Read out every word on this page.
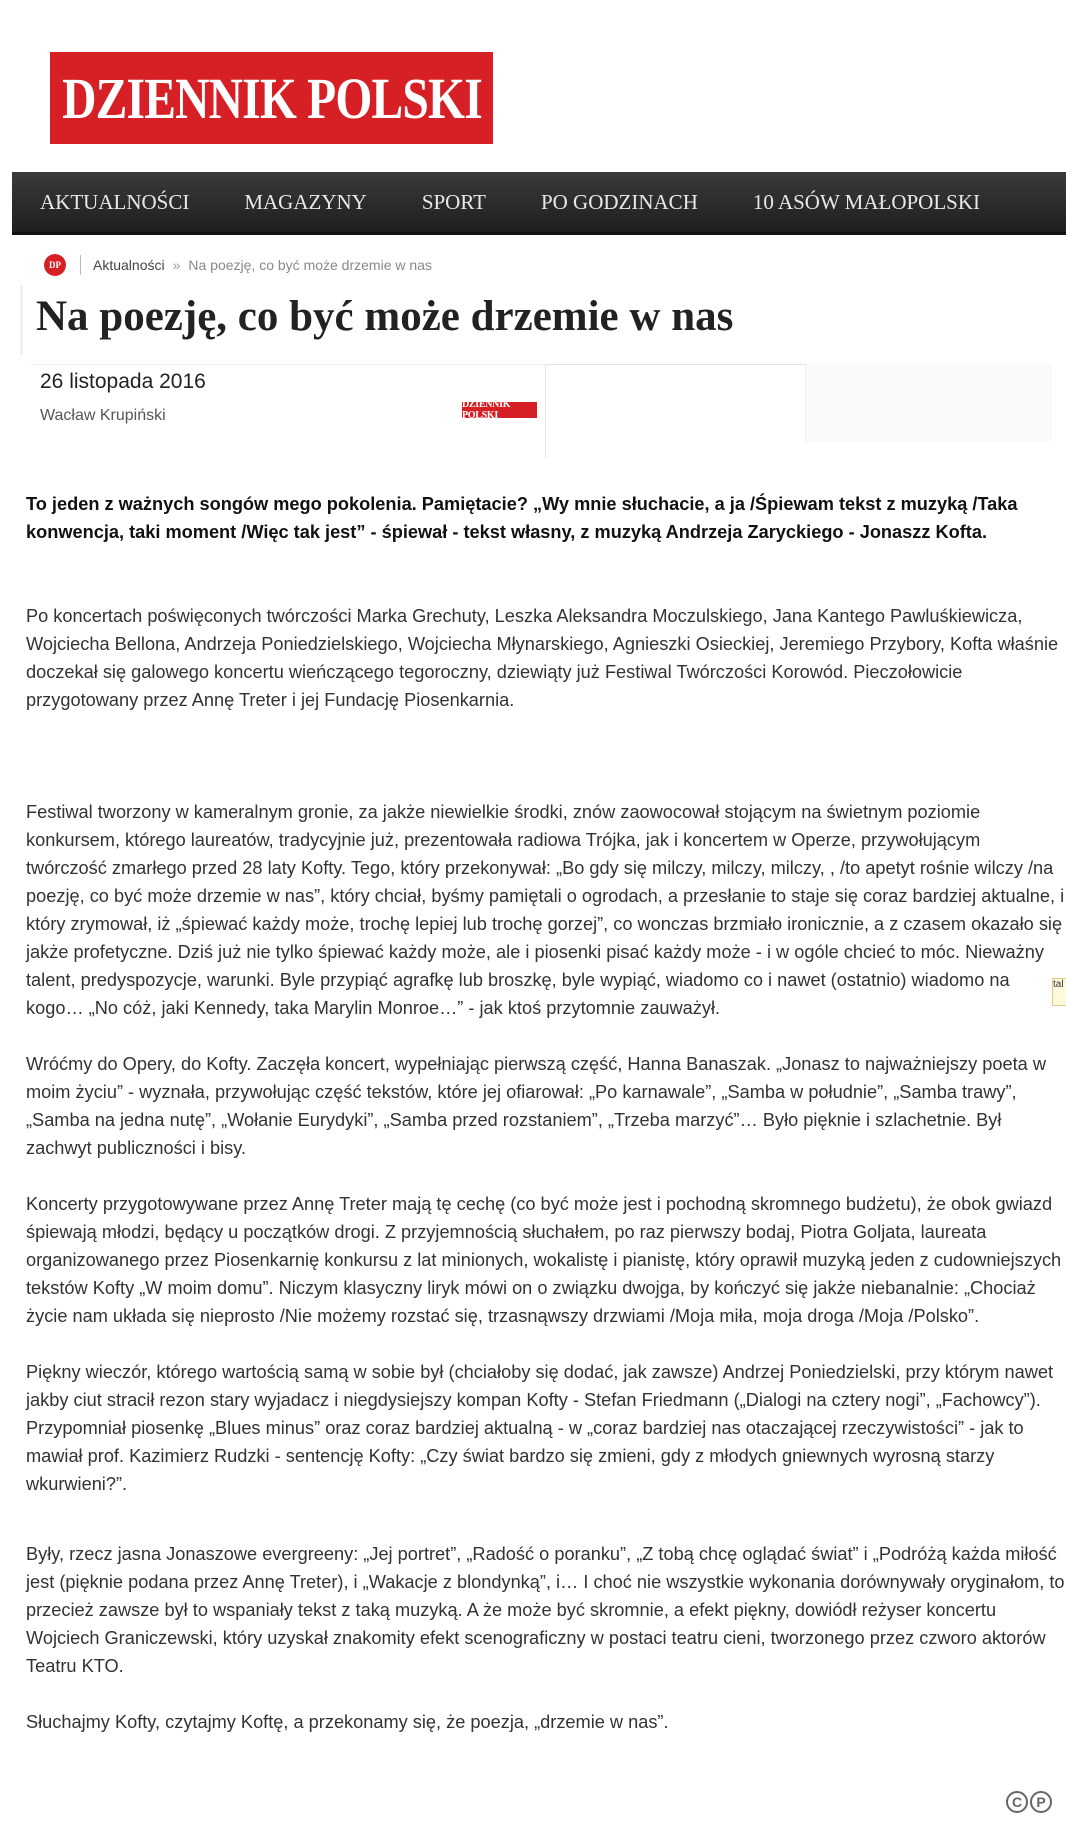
DZIENNIK POLSKI
AKTUALNOŚCI	MAGAZYNY	SPORT	PO GODZINACH	10 ASÓW MAŁOPOLSKI
DP	Aktualności » Na poezję, co być może drzemie w nas
Na poezję, co być może drzemie w nas
26 listopada 2016
Wacław Krupiński
DZIENNIK POLSKI

To jeden z ważnych songów mego pokolenia. Pamiętacie? „Wy mnie słuchacie, a ja /Śpiewam tekst z muzyką /Taka konwencja, taki moment /Więc tak jest” - śpiewał - tekst własny, z muzyką Andrzeja Zaryckiego - Jonaszz Kofta.

Po koncertach poświęconych twórczości Marka Grechuty, Leszka Aleksandra Moczulskiego, Jana Kantego Pawluśkiewicza, Wojciecha Bellona, Andrzeja Poniedzielskiego, Wojciecha Młynarskiego, Agnieszki Osieckiej, Jeremiego Przybory, Kofta właśnie doczekał się galowego koncertu wieńczącego tegoroczny, dziewiąty już Festiwal Twórczości Korowód. Pieczołowicie przygotowany przez Annę Treter i jej Fundację Piosenkarnia.

Festiwal tworzony w kameralnym gronie, za jakże niewielkie środki, znów zaowocował stojącym na świetnym poziomie konkursem, którego laureatów, tradycyjnie już, prezentowała radiowa Trójka, jak i koncertem w Operze, przywołującym twórczość zmarłego przed 28 laty Kofty. Tego, który przekonywał: „Bo gdy się milczy, milczy, milczy, , /to apetyt rośnie wilczy /na poezję, co być może drzemie w nas”, który chciał, byśmy pamiętali o ogrodach, a przesłanie to staje się coraz bardziej aktualne, i który zrymował, iż „śpiewać każdy może, trochę lepiej lub trochę gorzej”, co wonczas brzmiało ironicznie, a z czasem okazało się jakże profetyczne. Dziś już nie tylko śpiewać każdy może, ale i piosenki pisać każdy może - i w ogóle chcieć to móc. Nieważny talent, predyspozycje, warunki. Byle przypiąć agrafkę lub broszkę, byle wypiąć, wiadomo co i nawet (ostatnio) wiadomo na kogo… „No cóż, jaki Kennedy, taka Marylin Monroe…” - jak ktoś przytomnie zauważył.

Wróćmy do Opery, do Kofty. Zaczęła koncert, wypełniając pierwszą część, Hanna Banaszak. „Jonasz to najważniejszy poeta w moim życiu” - wyznała, przywołując część tekstów, które jej ofiarował: „Po karnawale”, „Samba w południe”, „Samba trawy”, „Samba na jedna nutę”, „Wołanie Eurydyki”, „Samba przed rozstaniem”, „Trzeba marzyć”… Było pięknie i szlachetnie. Był zachwyt publiczności i bisy.

Koncerty przygotowywane przez Annę Treter mają tę cechę (co być może jest i pochodną skromnego budżetu), że obok gwiazd śpiewają młodzi, będący u początków drogi. Z przyjemnością słuchałem, po raz pierwszy bodaj, Piotra Goljata, laureata organizowanego przez Piosenkarnię konkursu z lat minionych, wokalistę i pianistę, który oprawił muzyką jeden z cudowniejszych tekstów Kofty „W moim domu”. Niczym klasyczny liryk mówi on o związku dwojga, by kończyć się jakże niebanalnie: „Chociaż życie nam układa się nieprosto /Nie możemy rozstać się, trzasnąwszy drzwiami /Moja miła, moja droga /Moja /Polsko”.

Piękny wieczór, którego wartością samą w sobie był (chciałoby się dodać, jak zawsze) Andrzej Poniedzielski, przy którym nawet jakby ciut stracił rezon stary wyjadacz i niegdysiejszy kompan Kofty - Stefan Friedmann („Dialogi na cztery nogi”, „Fachowcy”). Przypomniał piosenkę „Blues minus” oraz coraz bardziej aktualną - w „coraz bardziej nas otaczającej rzeczywistości” - jak to mawiał prof. Kazimierz Rudzki - sentencję Kofty: „Czy świat bardzo się zmieni, gdy z młodych gniewnych wyrosną starzy wkurwieni?”.

Były, rzecz jasna Jonaszowe evergreeny: „Jej portret”, „Radość o poranku”, „Z tobą chcę oglądać świat” i „Podróżą każda miłość jest (pięknie podana przez Annę Treter), i „Wakacje z blondynką”, i… I choć nie wszystkie wykonania dorównywały oryginałom, to przecież zawsze był to wspaniały tekst z taką muzyką. A że może być skromnie, a efekt piękny, dowiódł reżyser koncertu Wojciech Graniczewski, który uzyskał znakomity efekt scenograficzny w postaci teatru cieni, tworzonego przez czworo aktorów Teatru KTO.

Słuchajmy Kofty, czytajmy Koftę, a przekonamy się, że poezja, „drzemie w nas”.

tal
C	P
